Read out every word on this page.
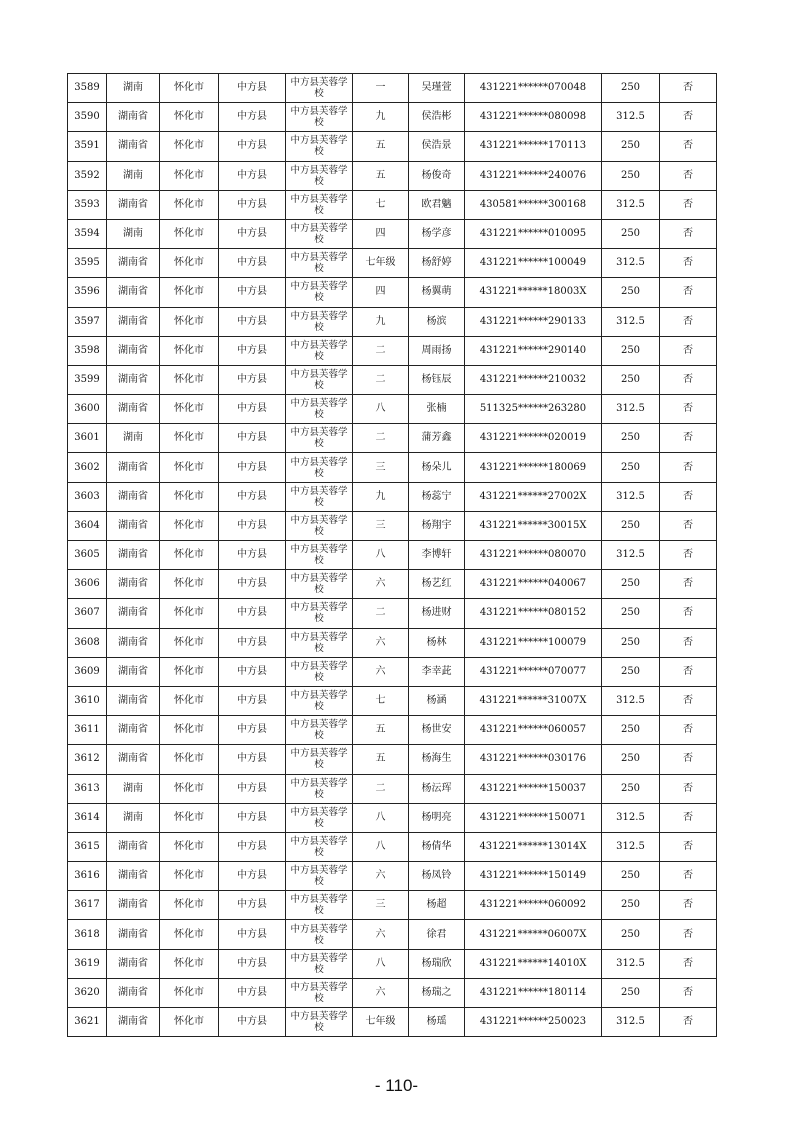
3589	湖南	怀化市	中方县	中方县芙蓉学校	一	吴瑾萱	431221******070048	250	否
3590	湖南省	怀化市	中方县	中方县芙蓉学校	九	侯浩彬	431221******080098	312.5	否
3591	湖南省	怀化市	中方县	中方县芙蓉学校	五	侯浩景	431221******170113	250	否
3592	湖南	怀化市	中方县	中方县芙蓉学校	五	杨俊奇	431221******240076	250	否
3593	湖南省	怀化市	中方县	中方县芙蓉学校	七	欧君魑	430581******300168	312.5	否
3594	湖南	怀化市	中方县	中方县芙蓉学校	四	杨学彦	431221******010095	250	否
3595	湖南省	怀化市	中方县	中方县芙蓉学校	七年级	杨舒婷	431221******100049	312.5	否
3596	湖南省	怀化市	中方县	中方县芙蓉学校	四	杨翼萌	431221******18003X	250	否
3597	湖南省	怀化市	中方县	中方县芙蓉学校	九	杨滨	431221******290133	312.5	否
3598	湖南省	怀化市	中方县	中方县芙蓉学校	二	周雨扬	431221******290140	250	否
3599	湖南省	怀化市	中方县	中方县芙蓉学校	二	杨钰辰	431221******210032	250	否
3600	湖南省	怀化市	中方县	中方县芙蓉学校	八	张楠	511325******263280	312.5	否
3601	湖南	怀化市	中方县	中方县芙蓉学校	二	蒲芳鑫	431221******020019	250	否
3602	湖南省	怀化市	中方县	中方县芙蓉学校	三	杨朵儿	431221******180069	250	否
3603	湖南省	怀化市	中方县	中方县芙蓉学校	九	杨蕊宁	431221******27002X	312.5	否
3604	湖南省	怀化市	中方县	中方县芙蓉学校	三	杨翔宇	431221******30015X	250	否
3605	湖南省	怀化市	中方县	中方县芙蓉学校	八	李博轩	431221******080070	312.5	否
3606	湖南省	怀化市	中方县	中方县芙蓉学校	六	杨艺红	431221******040067	250	否
3607	湖南省	怀化市	中方县	中方县芙蓉学校	二	杨进财	431221******080152	250	否
3608	湖南省	怀化市	中方县	中方县芙蓉学校	六	杨林	431221******100079	250	否
3609	湖南省	怀化市	中方县	中方县芙蓉学校	六	李幸茈	431221******070077	250	否
3610	湖南省	怀化市	中方县	中方县芙蓉学校	七	杨涵	431221******31007X	312.5	否
3611	湖南省	怀化市	中方县	中方县芙蓉学校	五	杨世安	431221******060057	250	否
3612	湖南省	怀化市	中方县	中方县芙蓉学校	五	杨海生	431221******030176	250	否
3613	湖南	怀化市	中方县	中方县芙蓉学校	二	杨沄珲	431221******150037	250	否
3614	湖南	怀化市	中方县	中方县芙蓉学校	八	杨明亮	431221******150071	312.5	否
3615	湖南省	怀化市	中方县	中方县芙蓉学校	八	杨倩华	431221******13014X	312.5	否
3616	湖南省	怀化市	中方县	中方县芙蓉学校	六	杨凤铃	431221******150149	250	否
3617	湖南省	怀化市	中方县	中方县芙蓉学校	三	杨超	431221******060092	250	否
3618	湖南省	怀化市	中方县	中方县芙蓉学校	六	徐君	431221******06007X	250	否
3619	湖南省	怀化市	中方县	中方县芙蓉学校	八	杨瑞欣	431221******14010X	312.5	否
3620	湖南省	怀化市	中方县	中方县芙蓉学校	六	杨瑞之	431221******180114	250	否
3621	湖南省	怀化市	中方县	中方县芙蓉学校	七年级	杨瑶	431221******250023	312.5	否
- 110-
